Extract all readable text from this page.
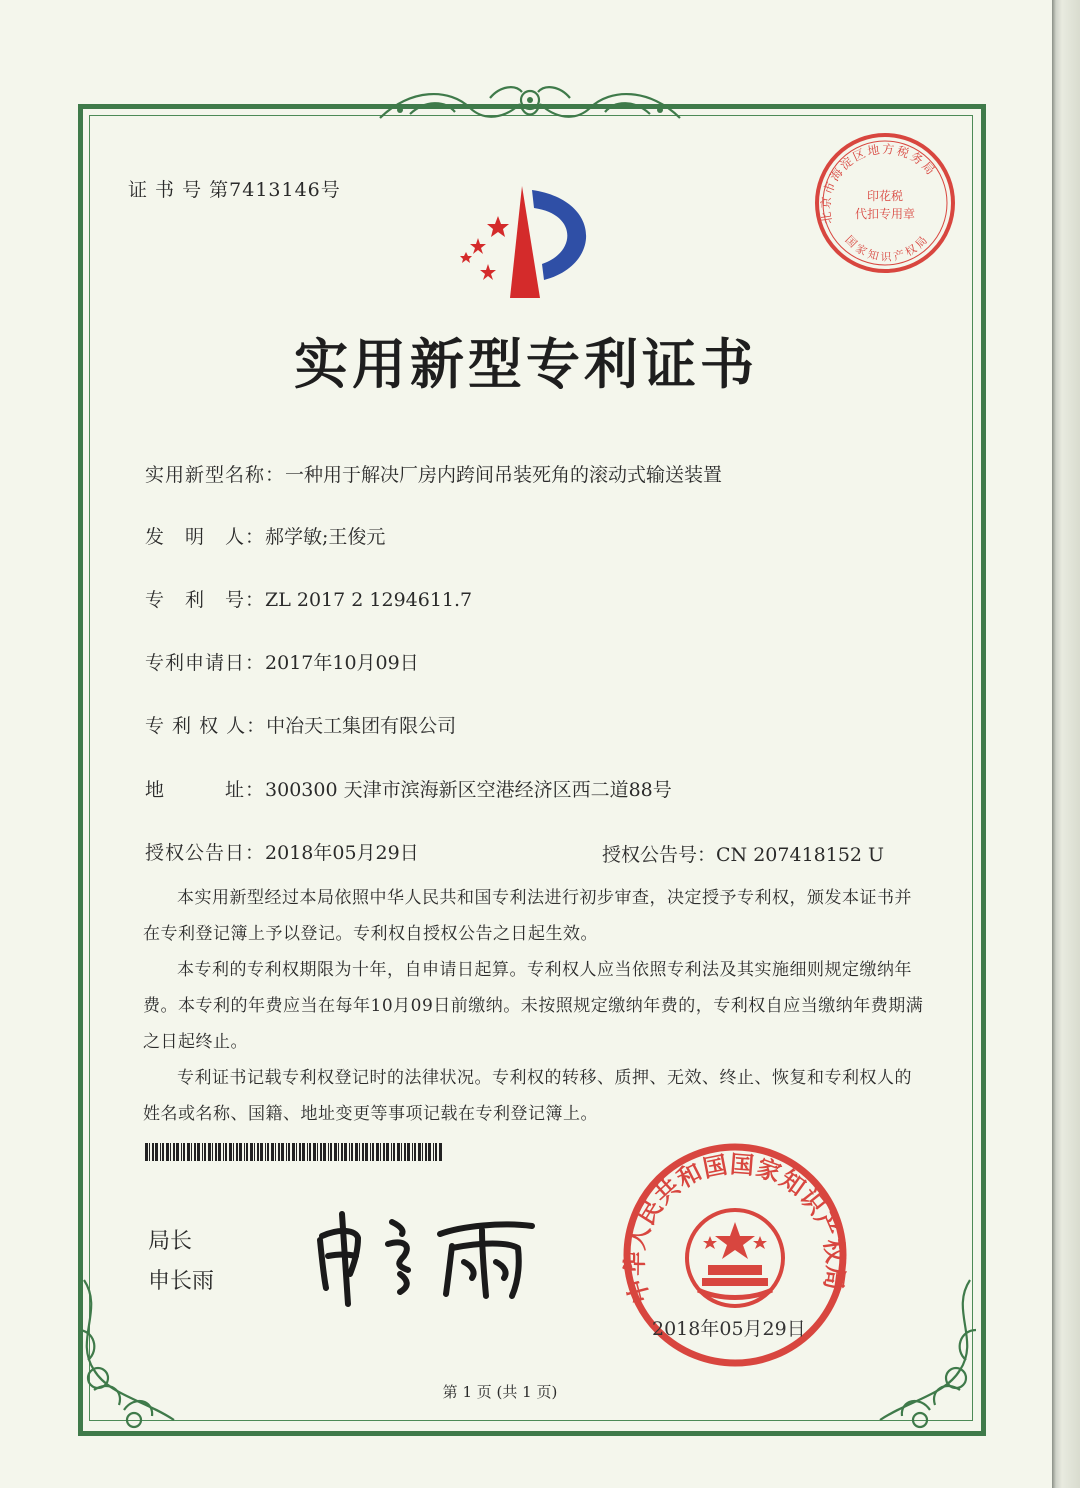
证 书 号 第7413146号
北京市海淀区地方税务局
国家知识产权局
印花税
代扣专用章
实用新型专利证书
实用新型名称：一种用于解决厂房内跨间吊装死角的滚动式输送装置
发　明　人：郝学敏;王俊元
专　利　号：ZL 2017 2 1294611.7
专利申请日：2017年10月09日
专 利 权 人：中冶天工集团有限公司
地　　　址：300300 天津市滨海新区空港经济区西二道88号
授权公告日：2018年05月29日	授权公告号：CN 207418152 U

本实用新型经过本局依照中华人民共和国专利法进行初步审查，决定授予专利权，颁发本证书并在专利登记簿上予以登记。专利权自授权公告之日起生效。

本专利的专利权期限为十年，自申请日起算。专利权人应当依照专利法及其实施细则规定缴纳年费。本专利的年费应当在每年10月09日前缴纳。未按照规定缴纳年费的，专利权自应当缴纳年费期满之日起终止。

专利证书记载专利权登记时的法律状况。专利权的转移、质押、无效、终止、恢复和专利权人的姓名或名称、国籍、地址变更等事项记载在专利登记簿上。

局长
申长雨	中华人民共和国国家知识产权局
2018年05月29日
第 1 页 (共 1 页)
